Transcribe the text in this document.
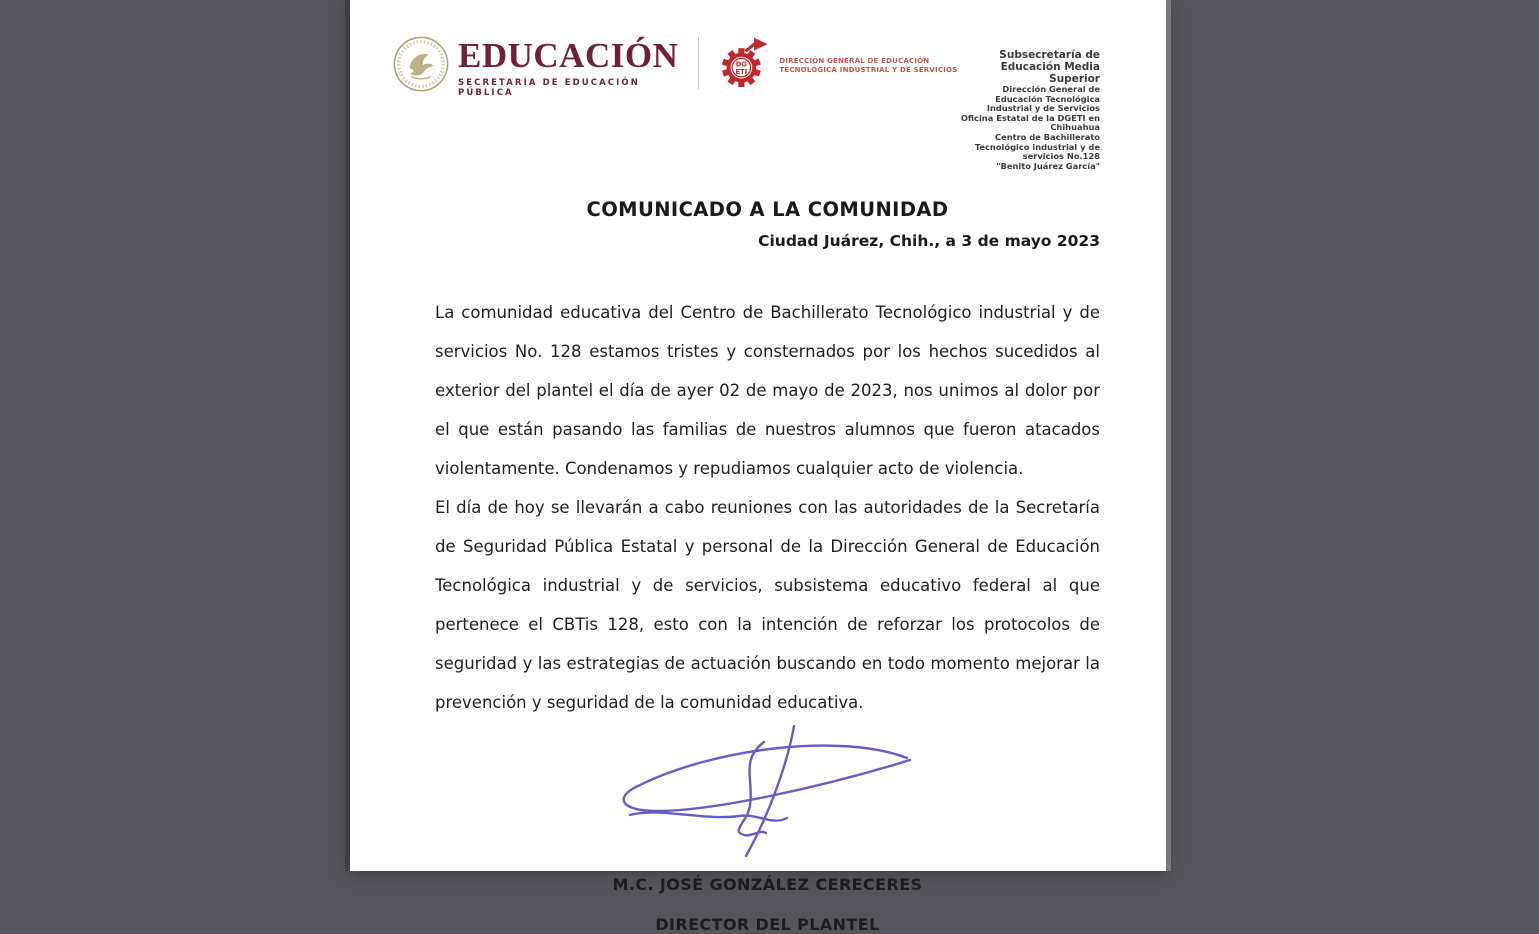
EDUCACIÓN
SECRETARÍA DE EDUCACIÓN PÚBLICA
DG
ETI
DIRECCIÓN GENERAL DE EDUCACIÓN
TECNOLÓGICA INDUSTRIAL Y DE SERVICIOS
Subsecretaría de Educación Media Superior
Dirección General de Educación Tecnológica Industrial y de Servicios
Oficina Estatal de la DGETI en Chihuahua
Centro de Bachillerato Tecnológico industrial y de servicios No.128
"Benito Juárez García"
COMUNICADO A LA COMUNIDAD
Ciudad Juárez, Chih., a 3 de mayo 2023

La comunidad educativa del Centro de Bachillerato Tecnológico industrial y de servicios No. 128 estamos tristes y consternados por los hechos sucedidos al exterior del plantel el día de ayer 02 de mayo de 2023, nos unimos al dolor por el que están pasando las familias de nuestros alumnos que fueron atacados violentamente. Condenamos y repudiamos cualquier acto de violencia.

El día de hoy se llevarán a cabo reuniones con las autoridades de la Secretaría de Seguridad Pública Estatal y personal de la Dirección General de Educación Tecnológica industrial y de servicios, subsistema educativo federal al que pertenece el CBTis 128, esto con la intención de reforzar los protocolos de seguridad y las estrategias de actuación buscando en todo momento mejorar la prevención y seguridad de la comunidad educativa.

M.C. JOSÉ GONZÁLEZ CERECERES
DIRECTOR DEL PLANTEL
